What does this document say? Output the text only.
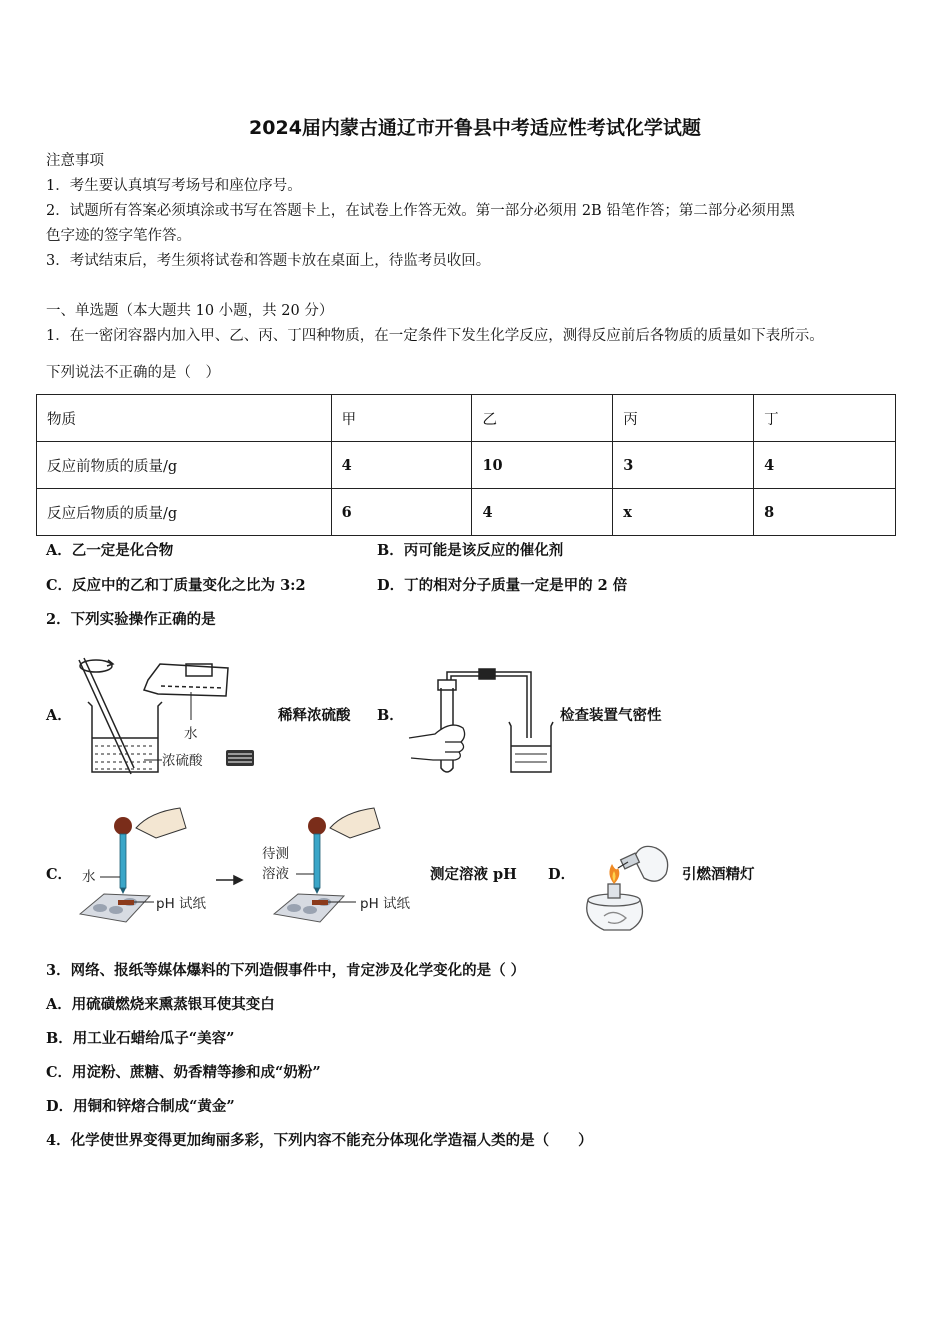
2024届内蒙古通辽市开鲁县中考适应性考试化学试题
注意事项
1．考生要认真填写考场号和座位序号。
2．试题所有答案必须填涂或书写在答题卡上，在试卷上作答无效。第一部分必须用 2B 铅笔作答；第二部分必须用黑
色字迹的签字笔作答。
3．考试结束后，考生须将试卷和答题卡放在桌面上，待监考员收回。
一、单选题（本大题共 10 小题，共 20 分）
1．在一密闭容器内加入甲、乙、丙、丁四种物质，在一定条件下发生化学反应，测得反应前后各物质的质量如下表所示。
下列说法不正确的是（　）
物质	甲	乙	丙	丁
反应前物质的质量/g	4	10	3	4
反应后物质的质量/g	6	4	x	8
A．乙一定是化合物	B．丙可能是该反应的催化剂
C．反应中的乙和丁质量变化之比为 3:2	D．丁的相对分子质量一定是甲的 2 倍
2．下列实验操作正确的是
A．
水
浓硫酸
稀释浓硫酸 B．	检查装置气密性
C． 水
pH 试纸
待测
溶液
pH 试纸
测定溶液 pH D．	引燃酒精灯
3．网络、报纸等媒体爆料的下列造假事件中，肯定涉及化学变化的是（ ）
A．用硫磺燃烧来熏蒸银耳使其变白
B．用工业石蜡给瓜子“美容”
C．用淀粉、蔗糖、奶香精等掺和成“奶粉”
D．用铜和锌熔合制成“黄金”
4．化学使世界变得更加绚丽多彩，下列内容不能充分体现化学造福人类的是（　　）
